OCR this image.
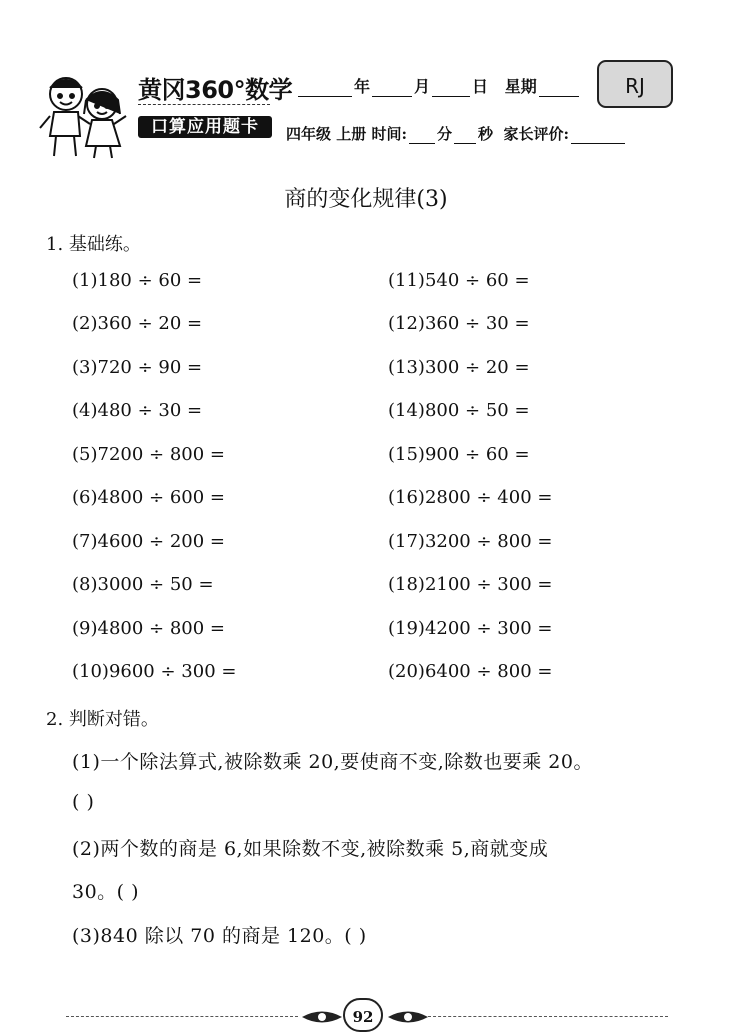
黄冈360°数学
口算应用题卡
年	月	日 星期	RJ
四年级 上册 时间: 分 秒 家长评价:
商的变化规律(3)
1. 基础练。
(1)180 ÷ 60 =
(2)360 ÷ 20 =
(3)720 ÷ 90 =
(4)480 ÷ 30 =
(5)7200 ÷ 800 =
(6)4800 ÷ 600 =
(7)4600 ÷ 200 =
(8)3000 ÷ 50 =
(9)4800 ÷ 800 =
(10)9600 ÷ 300 =
(11)540 ÷ 60 =
(12)360 ÷ 30 =
(13)300 ÷ 20 =
(14)800 ÷ 50 =
(15)900 ÷ 60 =
(16)2800 ÷ 400 =
(17)3200 ÷ 800 =
(18)2100 ÷ 300 =
(19)4200 ÷ 300 =
(20)6400 ÷ 800 =
2. 判断对错。
(1)一个除法算式,被除数乘 20,要使商不变,除数也要乘 20。
( )
(2)两个数的商是 6,如果除数不变,被除数乘 5,商就变成
30。( )
(3)840 除以 70 的商是 120。( )
92
